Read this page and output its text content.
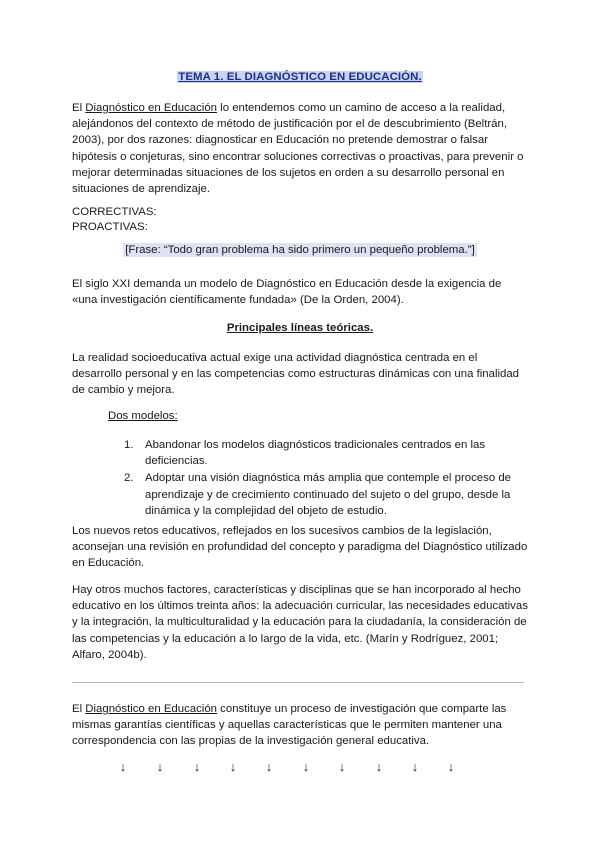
TEMA 1. EL DIAGNÓSTICO EN EDUCACIÓN.

El Diagnóstico en Educación lo entendemos como un camino de acceso a la realidad, alejándonos del contexto de método de justificación por el de descubrimiento (Beltrán, 2003), por dos razones: diagnosticar en Educación no pretende demostrar o falsar hipótesis o conjeturas, sino encontrar soluciones correctivas o proactivas, para prevenir o mejorar determinadas situaciones de los sujetos en orden a su desarrollo personal en situaciones de aprendizaje.

CORRECTIVAS:
PROACTIVAS:
[Frase: “Todo gran problema ha sido primero un pequeño problema.”]

El siglo XXI demanda un modelo de Diagnóstico en Educación desde la exigencia de «una investigación científicamente fundada» (De la Orden, 2004).

Principales líneas teóricas.

La realidad socioeducativa actual exige una actividad diagnóstica centrada en el desarrollo personal y en las competencias como estructuras dinámicas con una finalidad de cambio y mejora.

Dos modelos:
1. Abandonar los modelos diagnósticos tradicionales centrados en las deficiencias.
2. Adoptar una visión diagnóstica más amplia que contemple el proceso de aprendizaje y de crecimiento continuado del sujeto o del grupo, desde la dinámica y la complejidad del objeto de estudio.

Los nuevos retos educativos, reflejados en los sucesivos cambios de la legislación, aconsejan una revisión en profundidad del concepto y paradigma del Diagnóstico utilizado en Educación.

Hay otros muchos factores, características y disciplinas que se han incorporado al hecho educativo en los últimos treinta años: la adecuación curricular, las necesidades educativas y la integración, la multiculturalidad y la educación para la ciudadanía, la consideración de las competencias y la educación a lo largo de la vida, etc. (Marín y Rodríguez, 2001; Alfaro, 2004b).

El Diagnóstico en Educación constituye un proceso de investigación que comparte las mismas garantías científicas y aquellas características que le permiten mantener una correspondencia con las propias de la investigación general educativa.

↓ ↓ ↓ ↓ ↓ ↓ ↓ ↓ ↓ ↓
